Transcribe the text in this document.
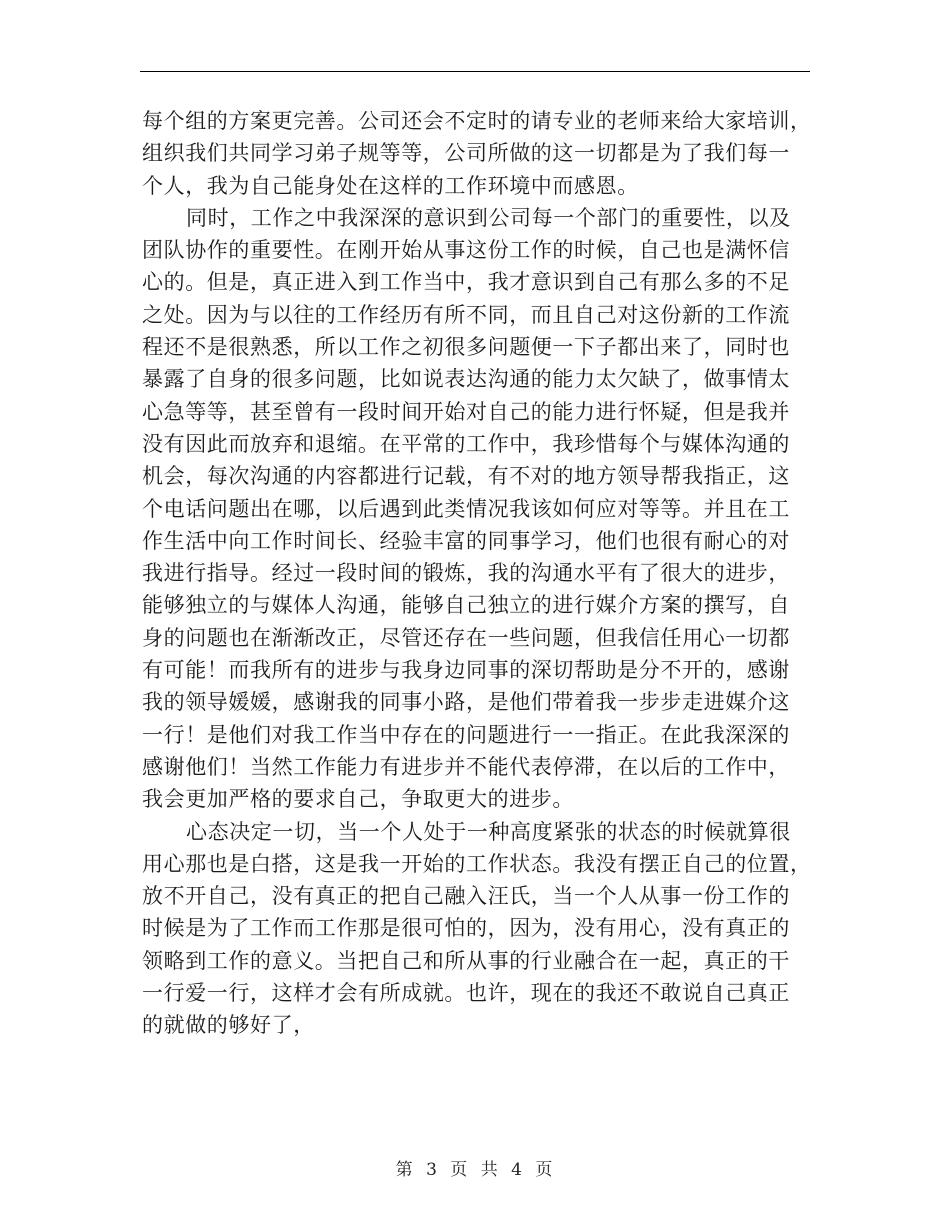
每个组的方案更完善。公司还会不定时的请专业的老师来给大家培训，
组织我们共同学习弟子规等等，公司所做的这一切都是为了我们每一
个人，我为自己能身处在这样的工作环境中而感恩。
同时，工作之中我深深的意识到公司每一个部门的重要性，以及
团队协作的重要性。在刚开始从事这份工作的时候，自己也是满怀信
心的。但是，真正进入到工作当中，我才意识到自己有那么多的不足
之处。因为与以往的工作经历有所不同，而且自己对这份新的工作流
程还不是很熟悉，所以工作之初很多问题便一下子都出来了，同时也
暴露了自身的很多问题，比如说表达沟通的能力太欠缺了，做事情太
心急等等，甚至曾有一段时间开始对自己的能力进行怀疑，但是我并
没有因此而放弃和退缩。在平常的工作中，我珍惜每个与媒体沟通的
机会，每次沟通的内容都进行记载，有不对的地方领导帮我指正，这
个电话问题出在哪，以后遇到此类情况我该如何应对等等。并且在工
作生活中向工作时间长、经验丰富的同事学习，他们也很有耐心的对
我进行指导。经过一段时间的锻炼，我的沟通水平有了很大的进步，
能够独立的与媒体人沟通，能够自己独立的进行媒介方案的撰写，自
身的问题也在渐渐改正，尽管还存在一些问题，但我信任用心一切都
有可能！而我所有的进步与我身边同事的深切帮助是分不开的，感谢
我的领导媛媛，感谢我的同事小路，是他们带着我一步步走进媒介这
一行！是他们对我工作当中存在的问题进行一一指正。在此我深深的
感谢他们！当然工作能力有进步并不能代表停滞，在以后的工作中，
我会更加严格的要求自己，争取更大的进步。
心态决定一切，当一个人处于一种高度紧张的状态的时候就算很
用心那也是白搭，这是我一开始的工作状态。我没有摆正自己的位置，
放不开自己，没有真正的把自己融入汪氏，当一个人从事一份工作的
时候是为了工作而工作那是很可怕的，因为，没有用心，没有真正的
领略到工作的意义。当把自己和所从事的行业融合在一起，真正的干
一行爱一行，这样才会有所成就。也许，现在的我还不敢说自己真正
的就做的够好了，
第 3 页 共 4 页
